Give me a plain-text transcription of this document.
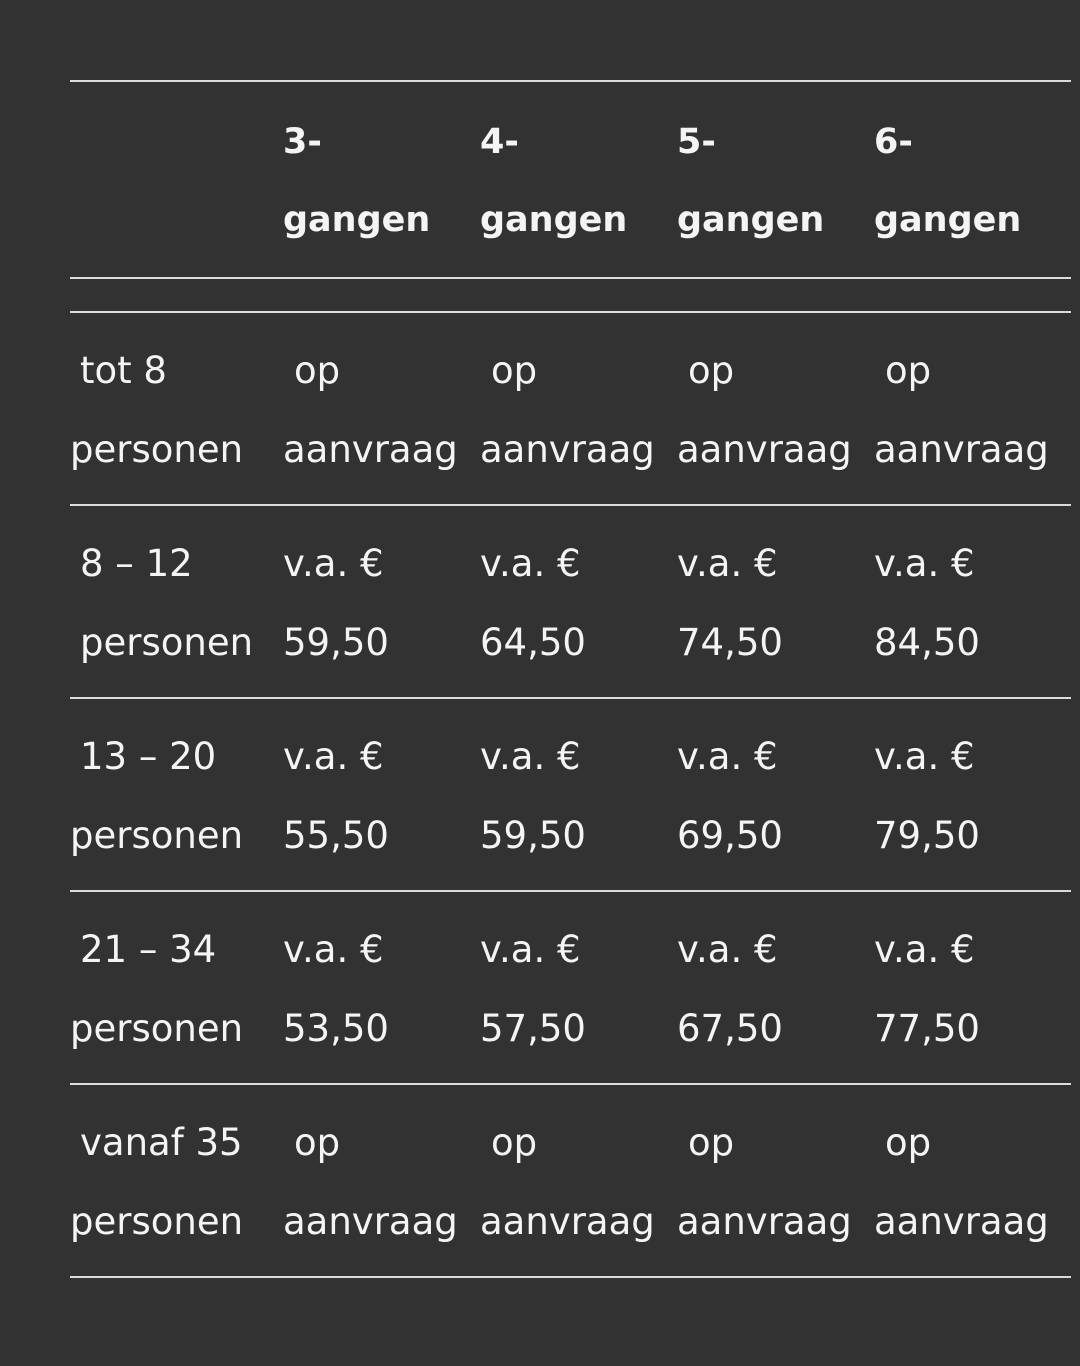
3-
gangen
4-
gangen
5-
gangen
6-
gangen
tot 8
personen
op
aanvraag
op
aanvraag
op
aanvraag
op
aanvraag
8 – 12
personen
v.a. €
59,50
v.a. €
64,50
v.a. €
74,50
v.a. €
84,50
13 – 20
personen
v.a. €
55,50
v.a. €
59,50
v.a. €
69,50
v.a. €
79,50
21 – 34
personen
v.a. €
53,50
v.a. €
57,50
v.a. €
67,50
v.a. €
77,50
vanaf 35
personen
op
aanvraag
op
aanvraag
op
aanvraag
op
aanvraag
